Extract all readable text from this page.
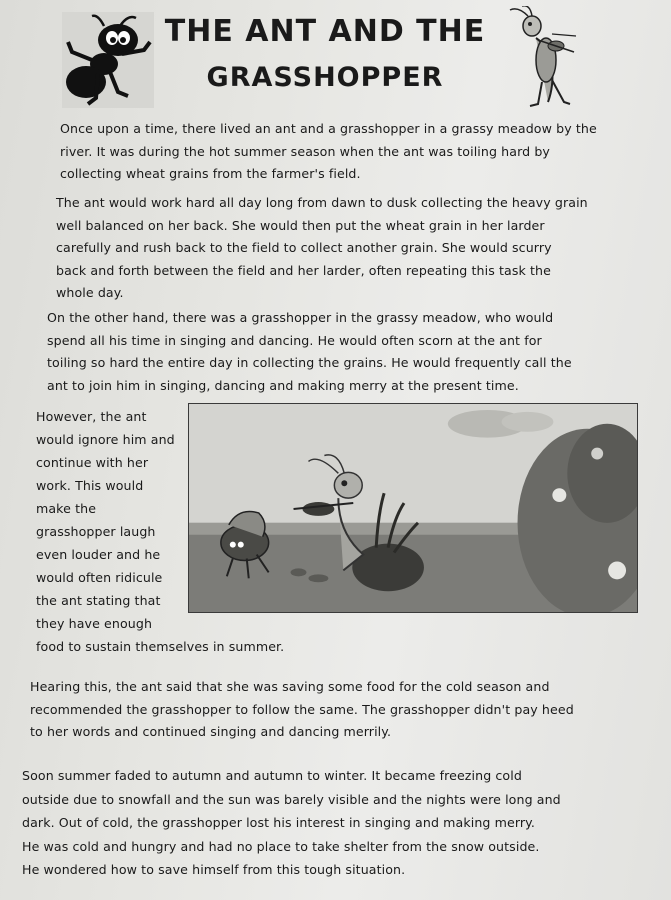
THE ANT AND THE
GRASSHOPPER
Once upon a time, there lived an ant and a grasshopper in a grassy meadow by the
river. It was during the hot summer season when the ant was toiling hard by
collecting wheat grains from the farmer's field.
The ant would work hard all day long from dawn to dusk collecting the heavy grain
well balanced on her back. She would then put the wheat grain in her larder
carefully and rush back to the field to collect another grain. She would scurry
back and forth between the field and her larder, often repeating this task the
whole day.
On the other hand, there was a grasshopper in the grassy meadow, who would
spend all his time in singing and dancing. He would often scorn at the ant for
toiling so hard the entire day in collecting the grains. He would frequently call the
ant to join him in singing, dancing and making merry at the present time.
However, the ant
would ignore him and
continue with her
work. This would
make the
grasshopper laugh
even louder and he
would often ridicule
the ant stating that
they have enough
food to sustain themselves in summer.
Hearing this, the ant said that she was saving some food for the cold season and
recommended the grasshopper to follow the same. The grasshopper didn't pay heed
to her words and continued singing and dancing merrily.
Soon summer faded to autumn and autumn to winter. It became freezing cold
outside due to snowfall and the sun was barely visible and the nights were long and
dark. Out of cold, the grasshopper lost his interest in singing and making merry.
He was cold and hungry and had no place to take shelter from the snow outside.
He wondered how to save himself from this tough situation.
